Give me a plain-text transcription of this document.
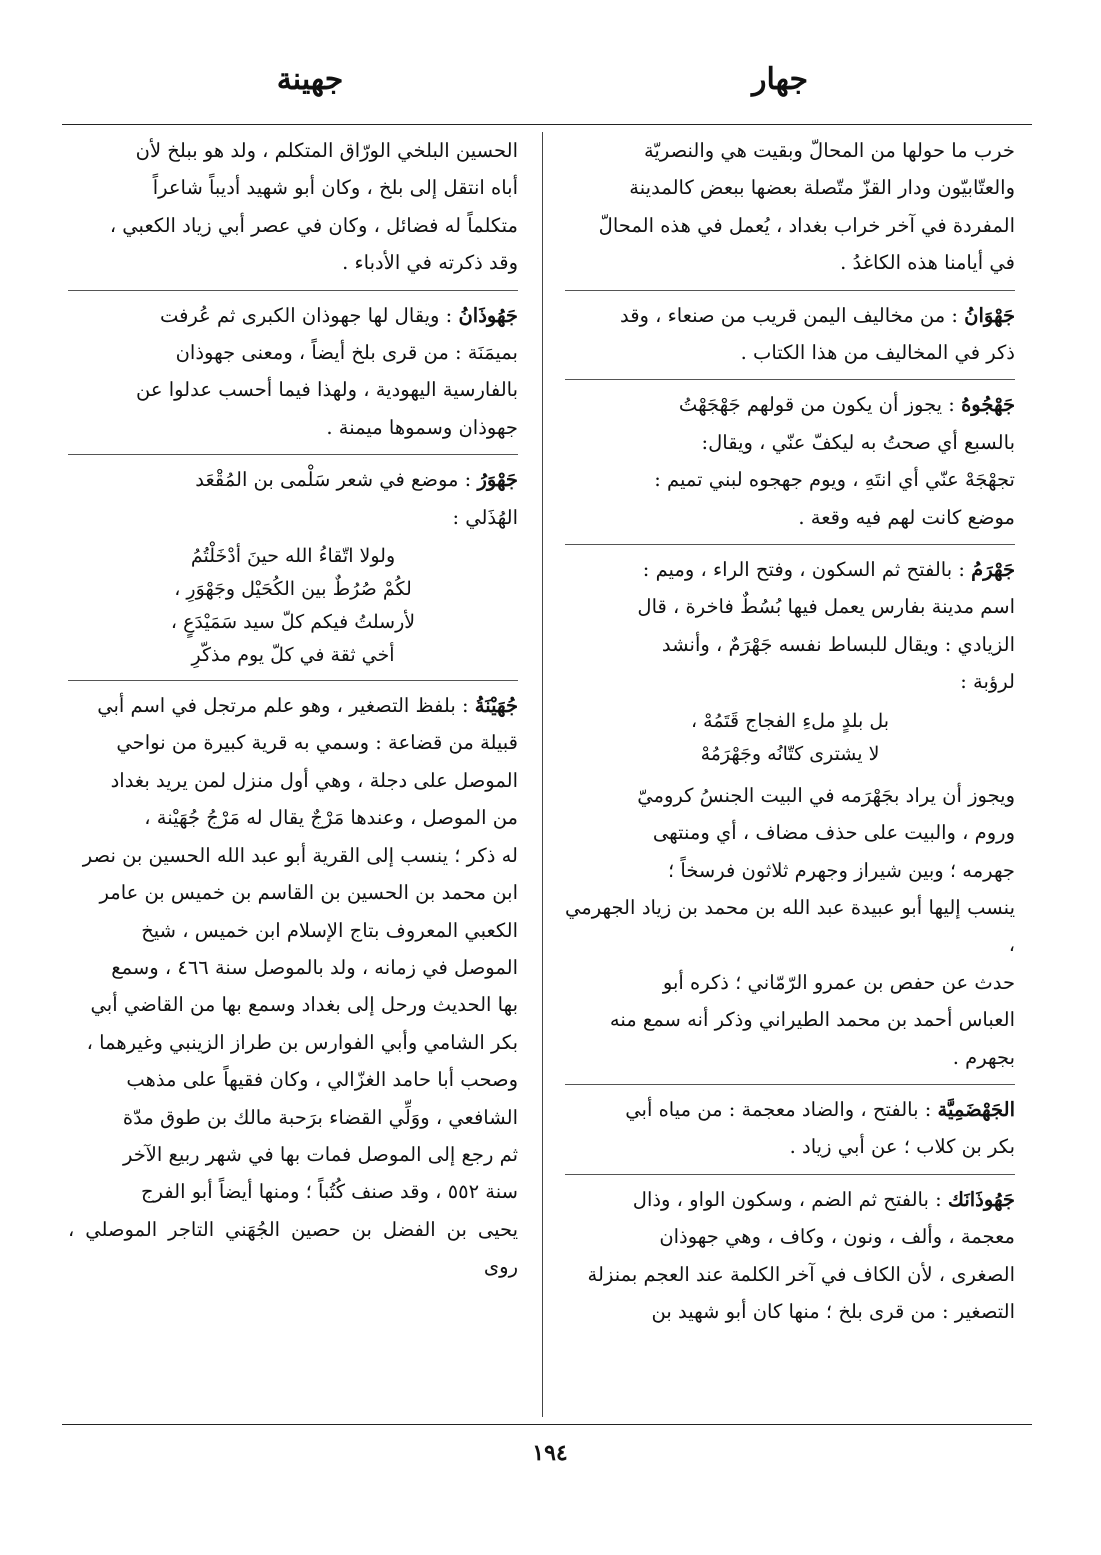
جهار
جهينة

خرب ما حولها من المحالّ وبقيت هي والنصريّة

والعتّابيّون ودار القزّ متّصلة بعضها ببعض كالمدينة

المفردة في آخر خراب بغداد ، يُعمل في هذه المحالّ

في أيامنا هذه الكاغدُ .

جَهْوَانُ : من مخاليف اليمن قريب من صنعاء ، وقد

ذكر في المخاليف من هذا الكتاب .

جَهْجُوهُ : يجوز أن يكون من قولهم جَهْجَهْتُ

بالسبع أي صحتُ به ليكفّ عنّي ، ويقال:

تجهْجَهْ عنّي أي انتَهِ ، ويوم جهجوه لبني تميم :

موضع كانت لهم فيه وقعة .

جَهْرَمُ : بالفتح ثم السكون ، وفتح الراء ، وميم :

اسم مدينة بفارس يعمل فيها بُسُطٌ فاخرة ، قال

الزيادي : ويقال للبساط نفسه جَهْرَمٌ ، وأنشد

لرؤبة :

بل بلدٍ ملءِ الفجاج قَتَمُهْ ،
لا يشترى كتّانُه وجَهْرَمُهْ

ويجوز أن يراد بجَهْرَمه في البيت الجنسُ كروميّ

وروم ، والبيت على حذف مضاف ، أي ومنتهى

جهرمه ؛ وبين شيراز وجهرم ثلاثون فرسخاً ؛

ينسب إليها أبو عبيدة عبد الله بن محمد بن زياد الجهرمي ،

حدث عن حفص بن عمرو الرّمّاني ؛ ذكره أبو

العباس أحمد بن محمد الطيراني وذكر أنه سمع منه

بجهرم .

الجَهْضَمِيَّة : بالفتح ، والضاد معجمة : من مياه أبي

بكر بن كلاب ؛ عن أبي زياد .

جَهُوذَانَك : بالفتح ثم الضم ، وسكون الواو ، وذال

معجمة ، وألف ، ونون ، وكاف ، وهي جهوذان

الصغرى ، لأن الكاف في آخر الكلمة عند العجم بمنزلة

التصغير : من قرى بلخ ؛ منها كان أبو شهيد بن

الحسين البلخي الورّاق المتكلم ، ولد هو ببلخ لأن

أباه انتقل إلى بلخ ، وكان أبو شهيد أديباً شاعراً

متكلماً له فضائل ، وكان في عصر أبي زياد الكعبي ،

وقد ذكرته في الأدباء .

جَهُوذَانُ : ويقال لها جهوذان الكبرى ثم عُرفت

بميمَنَة : من قرى بلخ أيضاً ، ومعنى جهوذان

بالفارسية اليهودية ، ولهذا فيما أحسب عدلوا عن

جهوذان وسموها ميمنة .

جَهْوَرُ : موضع في شعر سَلْمى بن المُقْعَد

الهُذَلي :

ولولا اتّقاءُ الله حينَ أدْخَلْتُمُ
لكُمْ صُرُطٌ بين الكُحَيْل وجَهْوَرِ ،
لأرسلتُ فيكم كلّ سيد سَمَيْدَعٍ ،
أخي ثقة في كلّ يوم مذكّرِ

جُهَيْنَةُ : بلفظ التصغير ، وهو علم مرتجل في اسم أبي

قبيلة من قضاعة : وسمي به قرية كبيرة من نواحي

الموصل على دجلة ، وهي أول منزل لمن يريد بغداد

من الموصل ، وعندها مَرْجٌ يقال له مَرْجُ جُهَيْنة ،

له ذكر ؛ ينسب إلى القرية أبو عبد الله الحسين بن نصر

ابن محمد بن الحسين بن القاسم بن خميس بن عامر

الكعبي المعروف بتاج الإسلام ابن خميس ، شيخ

الموصل في زمانه ، ولد بالموصل سنة ٤٦٦ ، وسمع

بها الحديث ورحل إلى بغداد وسمع بها من القاضي أبي

بكر الشامي وأبي الفوارس بن طراز الزينبي وغيرهما ،

وصحب أبا حامد الغزّالي ، وكان فقيهاً على مذهب

الشافعي ، ووَلِّي القضاء برَحبة مالك بن طوق مدّة

ثم رجع إلى الموصل فمات بها في شهر ربيع الآخر

سنة ٥٥٢ ، وقد صنف كُتُباً ؛ ومنها أيضاً أبو الفرج

يحيى بن الفضل بن حصين الجُهَني التاجر الموصلي ، روى

١٩٤
